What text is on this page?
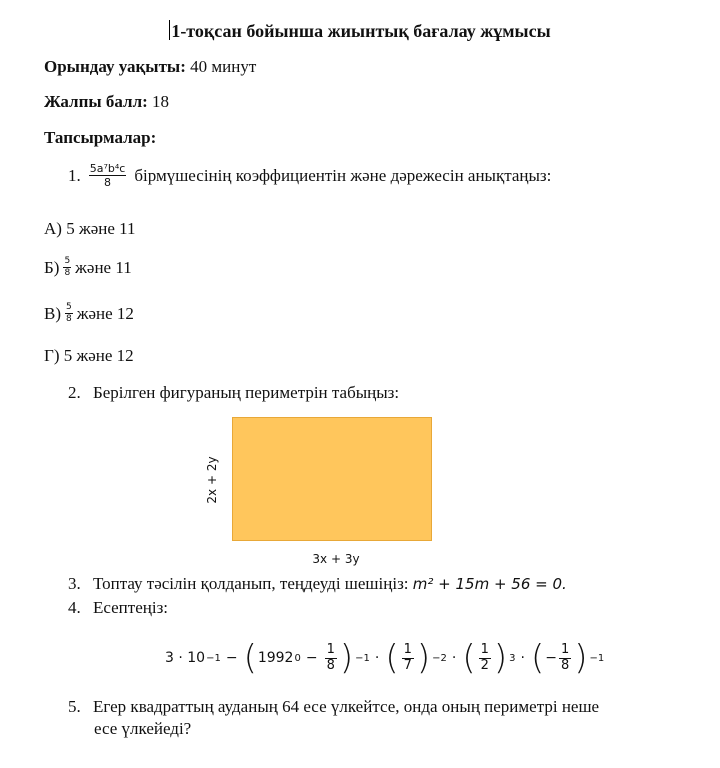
1-тоқсан бойынша жиынтық бағалау жұмысы
Орындау уақыты: 40 минут
Жалпы балл: 18
Тапсырмалар:
1. $\frac{\text{5a⁷b⁴c}}{8}$ бірмүшесінің коэффициентін және дәрежесін анықтаңыз:
А) 5 және 11
$Б) \frac{5}{8}$ және 11
$В) \frac{5}{8}$ және 12
Г) 5 және 12
2. Берілген фигураның периметрін табыңыз:
2x + 2y
3x + 3y
3. Топтау тәсілін қолданып, теңдеуді шешіңіз: m² + 15m + 56 = 0.
4. Есептеңіз:
3 · 10 −1 − ( 1992 $0 - \frac{1}{8}$ ) −1 · ( $\frac{1}{7}$ ) −2 · ( $\frac{1}{2}$ ) 3 · ( − $\frac{1}{8}$ ) −1
5. Егер квадраттың ауданың 64 есе үлкейтсе, онда оның периметрі неше
есе үлкейеді?
